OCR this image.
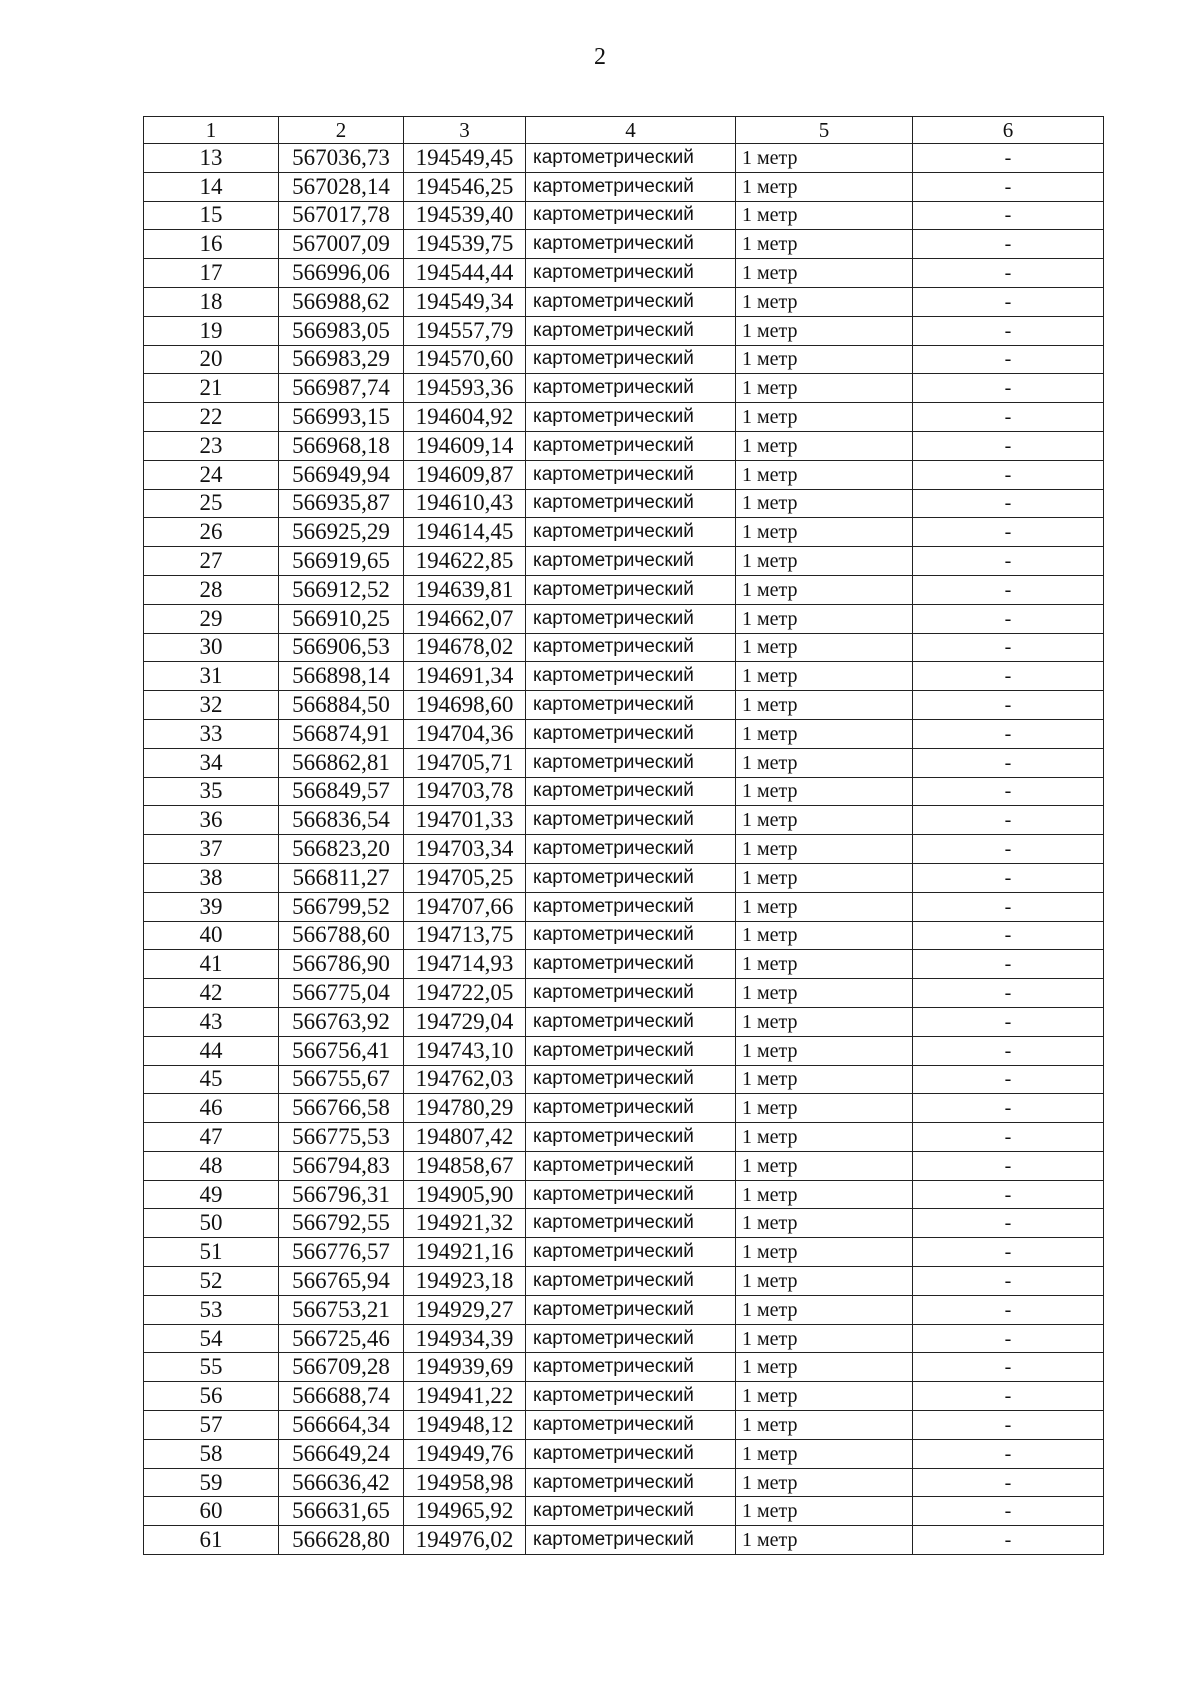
2
1	2	3	4	5	6
13	567036,73	194549,45	картометрический	1 метр	-
14	567028,14	194546,25	картометрический	1 метр	-
15	567017,78	194539,40	картометрический	1 метр	-
16	567007,09	194539,75	картометрический	1 метр	-
17	566996,06	194544,44	картометрический	1 метр	-
18	566988,62	194549,34	картометрический	1 метр	-
19	566983,05	194557,79	картометрический	1 метр	-
20	566983,29	194570,60	картометрический	1 метр	-
21	566987,74	194593,36	картометрический	1 метр	-
22	566993,15	194604,92	картометрический	1 метр	-
23	566968,18	194609,14	картометрический	1 метр	-
24	566949,94	194609,87	картометрический	1 метр	-
25	566935,87	194610,43	картометрический	1 метр	-
26	566925,29	194614,45	картометрический	1 метр	-
27	566919,65	194622,85	картометрический	1 метр	-
28	566912,52	194639,81	картометрический	1 метр	-
29	566910,25	194662,07	картометрический	1 метр	-
30	566906,53	194678,02	картометрический	1 метр	-
31	566898,14	194691,34	картометрический	1 метр	-
32	566884,50	194698,60	картометрический	1 метр	-
33	566874,91	194704,36	картометрический	1 метр	-
34	566862,81	194705,71	картометрический	1 метр	-
35	566849,57	194703,78	картометрический	1 метр	-
36	566836,54	194701,33	картометрический	1 метр	-
37	566823,20	194703,34	картометрический	1 метр	-
38	566811,27	194705,25	картометрический	1 метр	-
39	566799,52	194707,66	картометрический	1 метр	-
40	566788,60	194713,75	картометрический	1 метр	-
41	566786,90	194714,93	картометрический	1 метр	-
42	566775,04	194722,05	картометрический	1 метр	-
43	566763,92	194729,04	картометрический	1 метр	-
44	566756,41	194743,10	картометрический	1 метр	-
45	566755,67	194762,03	картометрический	1 метр	-
46	566766,58	194780,29	картометрический	1 метр	-
47	566775,53	194807,42	картометрический	1 метр	-
48	566794,83	194858,67	картометрический	1 метр	-
49	566796,31	194905,90	картометрический	1 метр	-
50	566792,55	194921,32	картометрический	1 метр	-
51	566776,57	194921,16	картометрический	1 метр	-
52	566765,94	194923,18	картометрический	1 метр	-
53	566753,21	194929,27	картометрический	1 метр	-
54	566725,46	194934,39	картометрический	1 метр	-
55	566709,28	194939,69	картометрический	1 метр	-
56	566688,74	194941,22	картометрический	1 метр	-
57	566664,34	194948,12	картометрический	1 метр	-
58	566649,24	194949,76	картометрический	1 метр	-
59	566636,42	194958,98	картометрический	1 метр	-
60	566631,65	194965,92	картометрический	1 метр	-
61	566628,80	194976,02	картометрический	1 метр	-
